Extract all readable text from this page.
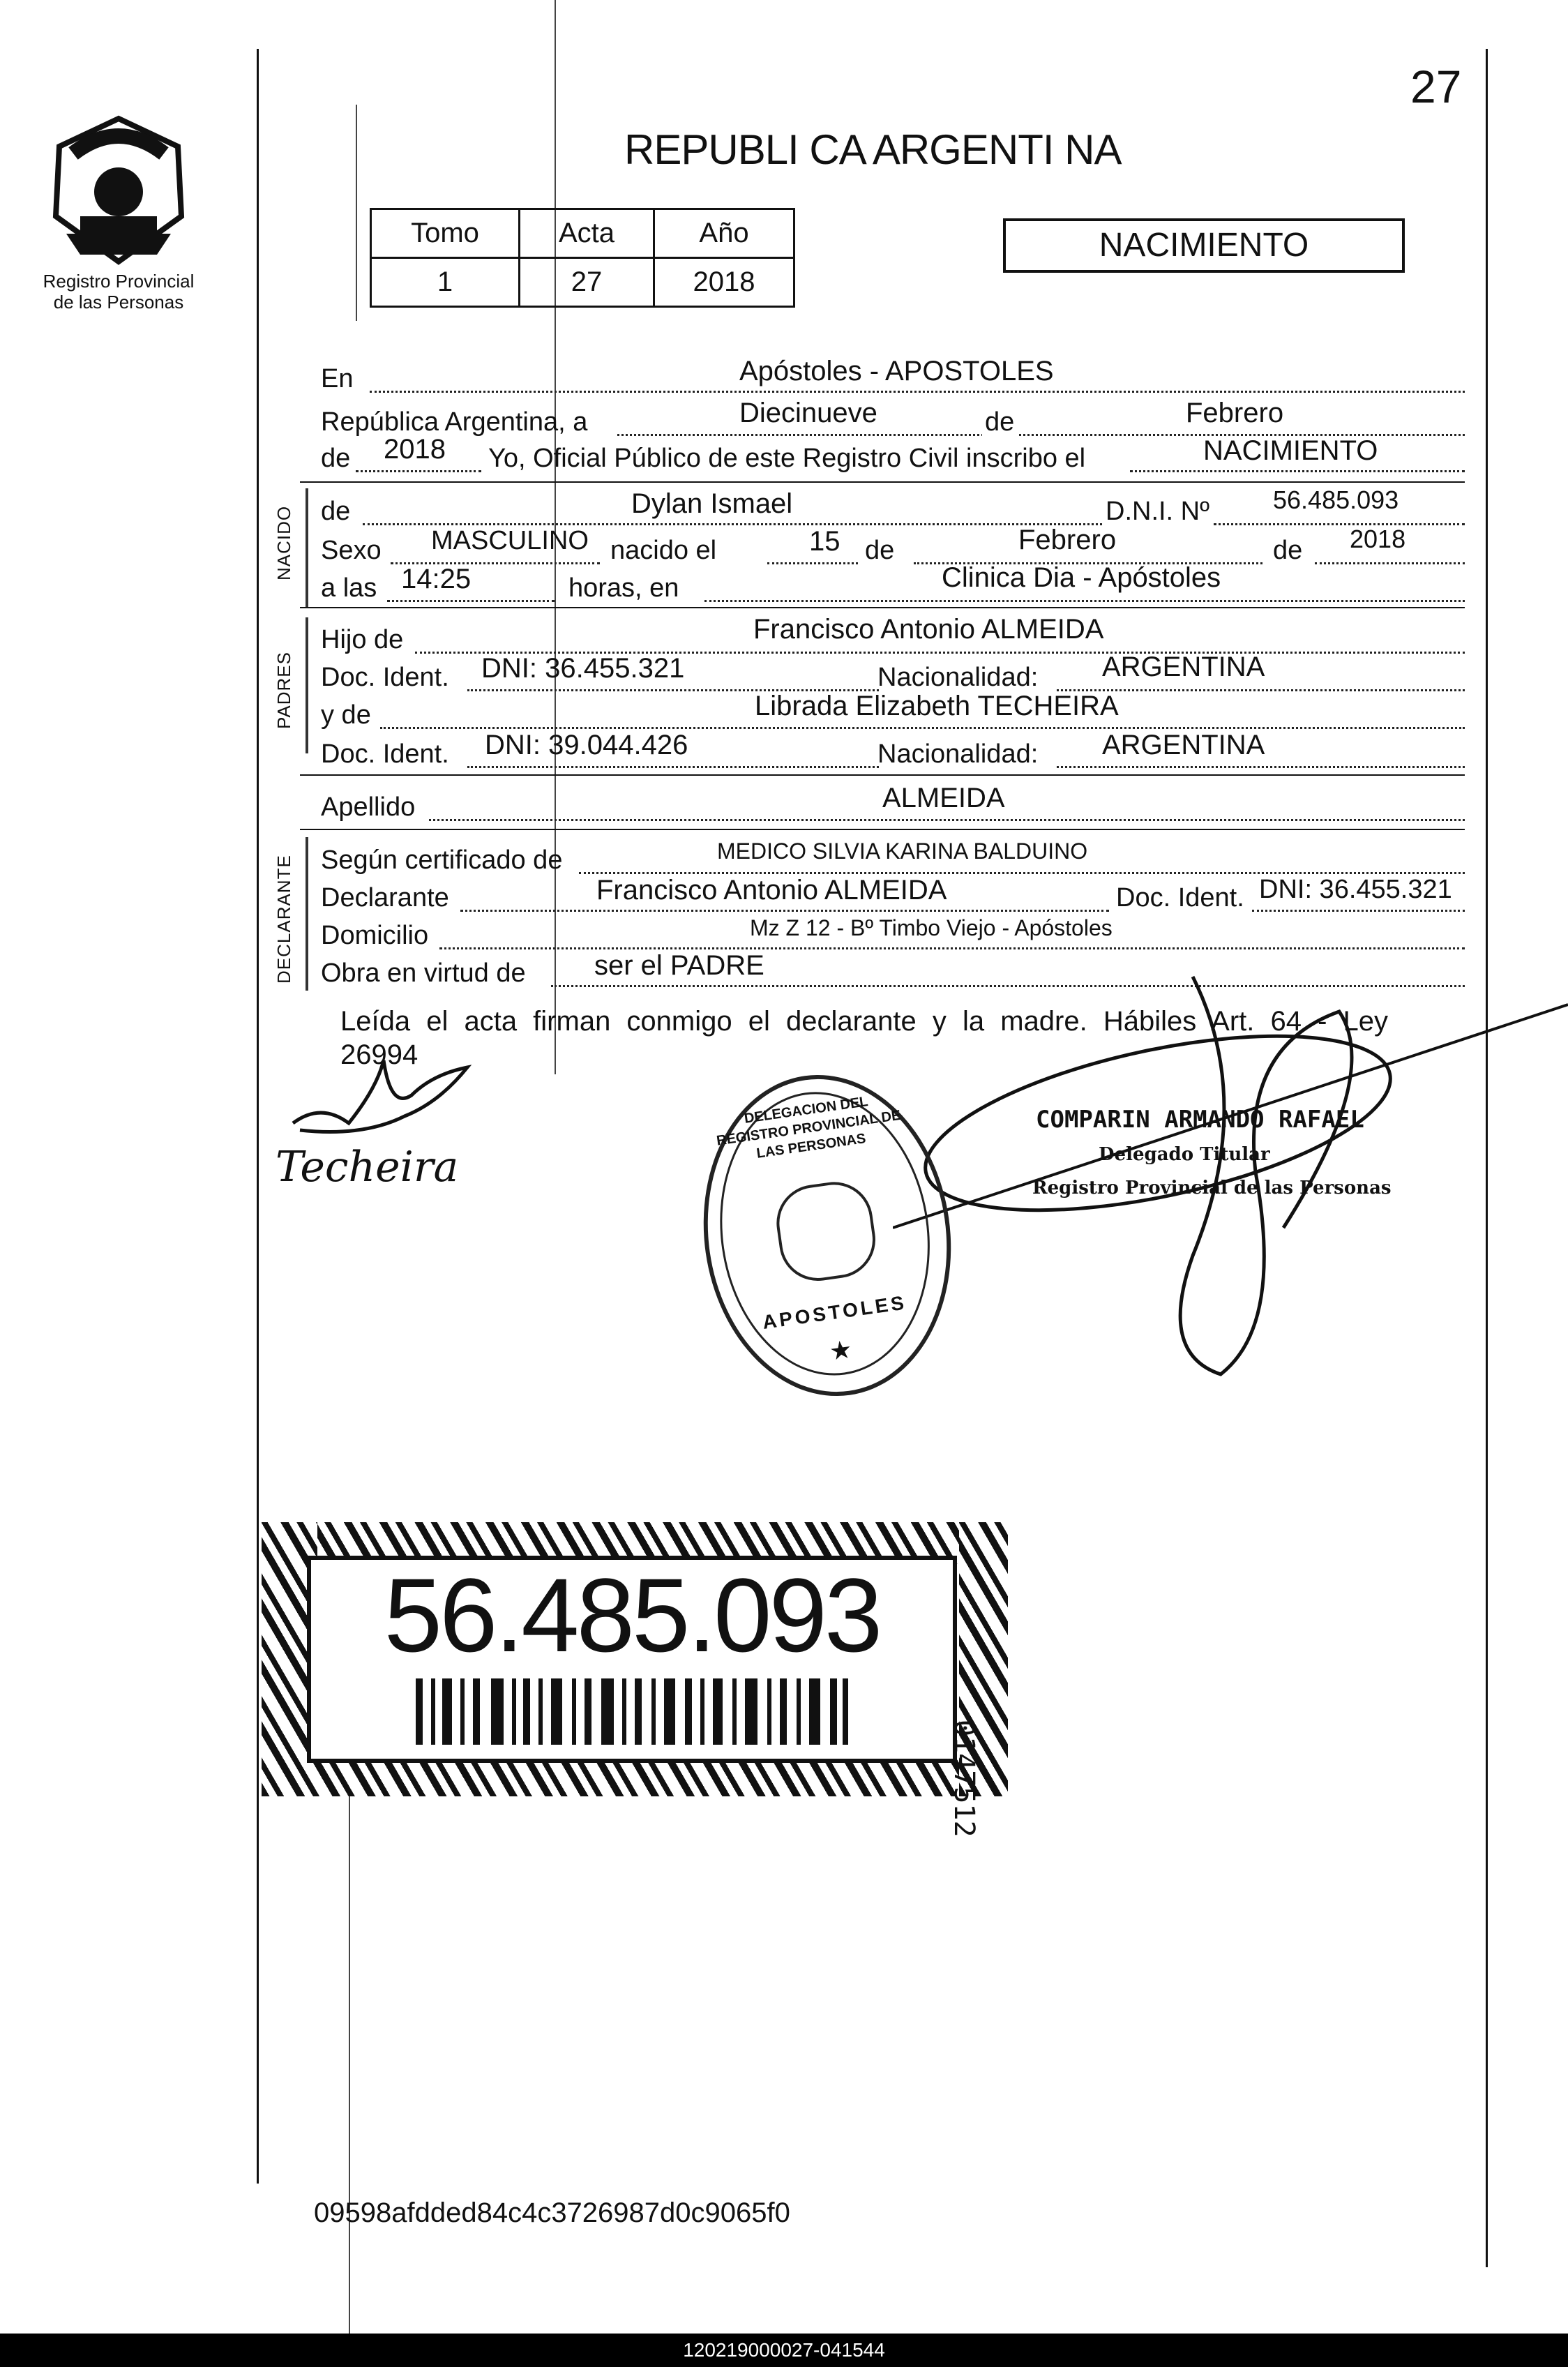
27
Registro Provincial
de las Personas
REPUBLI CA ARGENTI NA
Tomo	Acta	Año
1	27	2018
NACIMIENTO
En	Apóstoles - APOSTOLES
República Argentina, a	Diecinueve	de	Febrero
de 2018 Yo, Oficial Público de este Registro Civil inscribo el	NACIMIENTO
NACIDO de	Dylan Ismael	D.N.I. Nº	56.485.093
Sexo MASCULINO nacido el	15 de	Febrero	de 2018
a las 14:25	horas, en	Clinica Dia - Apóstoles
PADRES
Hijo de	Francisco Antonio ALMEIDA
Doc. Ident. DNI: 36.455.321	Nacionalidad: ARGENTINA
y de	Librada Elizabeth TECHEIRA
Doc. Ident. DNI: 39.044.426	Nacionalidad: ARGENTINA
Apellido	ALMEIDA
DECLARANTE Según certificado de	MEDICO SILVIA KARINA BALDUINO
Declarante	Francisco Antonio ALMEIDA	Doc. Ident. DNI: 36.455.321
Domicilio	Mz Z 12 - Bº Timbo Viejo - Apóstoles
Obra en virtud de ser el PADRE
Leída el acta firman conmigo el declarante y la madre. Hábiles Art. 64 - Ley
26994
Techeira
COMPARIN ARMANDO RAFAEL
Delegado Titular
Registro Provincial de las Personas
DELEGACION DEL REGISTRO PROVINCIAL DE LAS PERSONAS
APOSTOLES
★
56.485.093
0147512
09598afdded84c4c3726987d0c9065f0
120219000027-041544
